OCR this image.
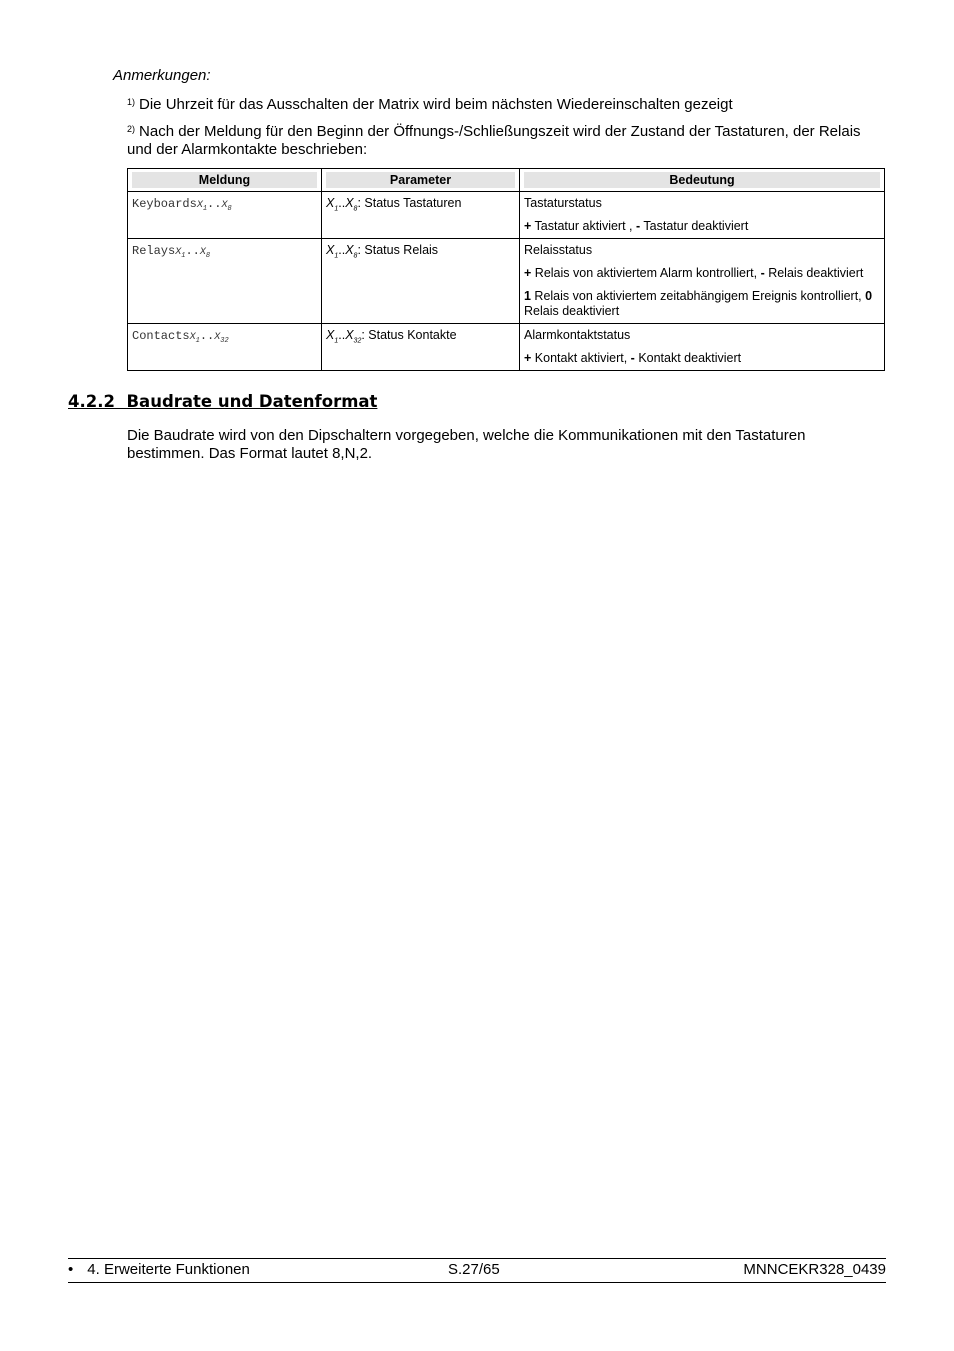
Anmerkungen:
$^{1)}$ Die Uhrzeit für das Ausschalten der Matrix wird beim nächsten Wiedereinschalten gezeigt
$^{2)}$ Nach der Meldung für den Beginn der Öffnungs-/Schließungszeit wird der Zustand der Tastaturen, der Relais und der Alarmkontakte beschrieben:
Meldung	Parameter	Bedeutung

$KeyboardsX_1..X_8$	$X_1..X_8$: Status Tastaturen	Tastaturstatus
+ Tastatur aktiviert , - Tastatur deaktiviert

$RelaysX_1..X_8$	$X_1..X_8$: Status Relais	Relaisstatus
+ Relais von aktiviertem Alarm kontrolliert, - Relais deaktiviert
1 Relais von aktiviertem zeitabhängigem Ereignis kontrolliert, 0 Relais deaktiviert

$ContactsX_1..X_{32}$	$X_1..X_{32}$: Status Kontakte	Alarmkontaktstatus
+ Kontakt aktiviert, - Kontakt deaktiviert
4.2.2 Baudrate und Datenformat
Die Baudrate wird von den Dipschaltern vorgegeben, welche die Kommunikationen mit den Tastaturen bestimmen. Das Format lautet 8,N,2.
• 4. Erweiterte Funktionen	S.27/65	MNNCEKR328_0439
